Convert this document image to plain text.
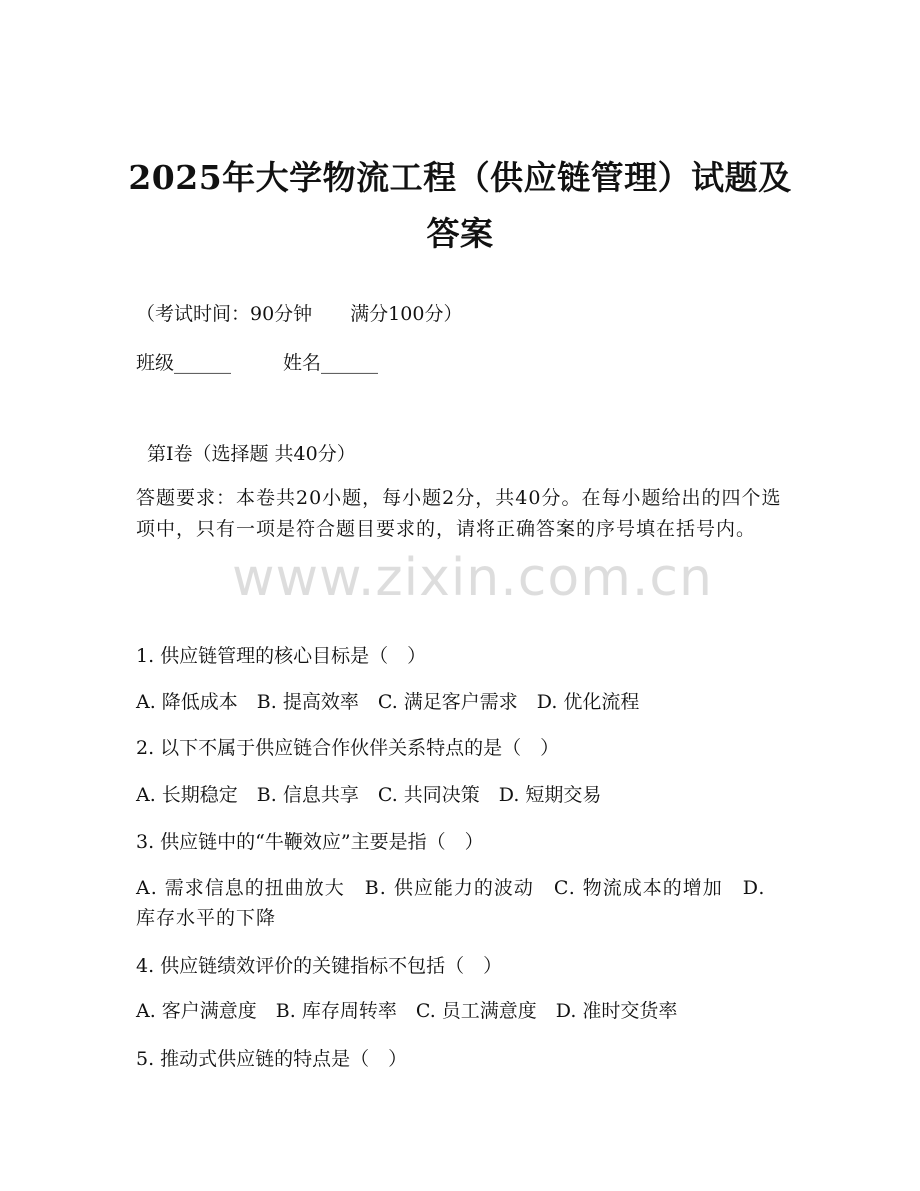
2025年大学物流工程（供应链管理）试题及答案
（考试时间：90分钟　　满分100分）
班级______	姓名______
第I卷（选择题 共40分）
答题要求：本卷共20小题，每小题2分，共40分。在每小题给出的四个选项中，只有一项是符合题目要求的，请将正确答案的序号填在括号内。
www.zixin.com.cn
1. 供应链管理的核心目标是（　）
A. 降低成本　B. 提高效率　C. 满足客户需求　D. 优化流程
2. 以下不属于供应链合作伙伴关系特点的是（　）
A. 长期稳定　B. 信息共享　C. 共同决策　D. 短期交易
3. 供应链中的“牛鞭效应”主要是指（　）
A. 需求信息的扭曲放大　B. 供应能力的波动　C. 物流成本的增加　D. 库存水平的下降
4. 供应链绩效评价的关键指标不包括（　）
A. 客户满意度　B. 库存周转率　C. 员工满意度　D. 准时交货率
5. 推动式供应链的特点是（　）
